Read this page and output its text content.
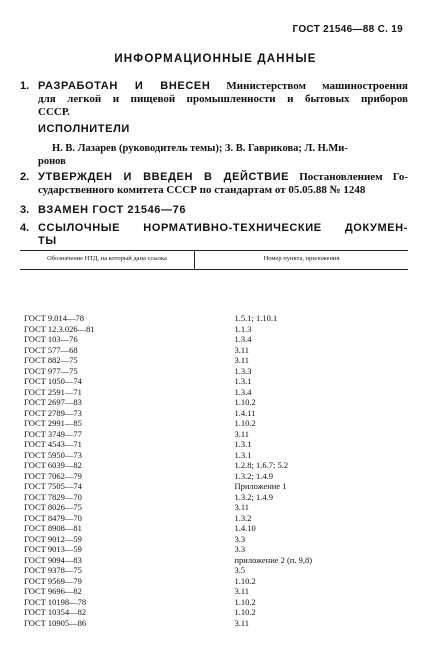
ГОСТ 21546—88 С. 19
ИНФОРМАЦИОННЫЕ ДАННЫЕ
1. РАЗРАБОТАН И ВНЕСЕН Министерством машиностроения
для легкой и пищевой промышленности и бытовых приборов
СССР.
ИСПОЛНИТЕЛИ
Н. В. Лазарев (руководитель темы); З. В. Гаврикова; Л. Н.Ми-
ронов
2. УТВЕРЖДЕН И ВВЕДЕН В ДЕЙСТВИЕ Постановлением Го-
сударственного комитета СССР по стандартам от 05.05.88 № 1248
3. ВЗАМЕН ГОСТ 21546—76
4. ССЫЛОЧНЫЕ НОРМАТИВНО-ТЕХНИЧЕСКИЕ ДОКУМЕН-
ТЫ
Обозначение НТД, на который дана ссылка	Номер пункта, приложения
ГОСТ 9.014—78	1.5.1; 1.10.1
ГОСТ 12.3.026—81	1.1.3
ГОСТ 103—76	1.3.4
ГОСТ 577—68	3.11
ГОСТ 882—75	3.11
ГОСТ 977—75	1.3.3
ГОСТ 1050—74	1.3.1
ГОСТ 2591—71	1.3.4
ГОСТ 2697—83	1.10.2
ГОСТ 2789—73	1.4.11
ГОСТ 2991—85	1.10.2
ГОСТ 3749—77	3.11
ГОСТ 4543—71	1.3.1
ГОСТ 5950—73	1.3.1
ГОСТ 6039—82	1.2.8; 1.6.7; 5.2
ГОСТ 7062—79	1.3.2; 1.4.9
ГОСТ 7505—74	Приложение 1
ГОСТ 7829—70	1.3.2; 1.4.9
ГОСТ 8026—75	3.11
ГОСТ 8479—70	1.3.2
ГОСТ 8908—81	1.4.10
ГОСТ 9012—59	3.3
ГОСТ 9013—59	3.3
ГОСТ 9094—83	приложение 2 (п. 9,8)
ГОСТ 9378—75	3.5
ГОСТ 9569—79	1.10.2
ГОСТ 9696—82	3.11
ГОСТ 10198—78	1.10.2
ГОСТ 10354—82	1.10.2
ГОСТ 10905—86	3.11
